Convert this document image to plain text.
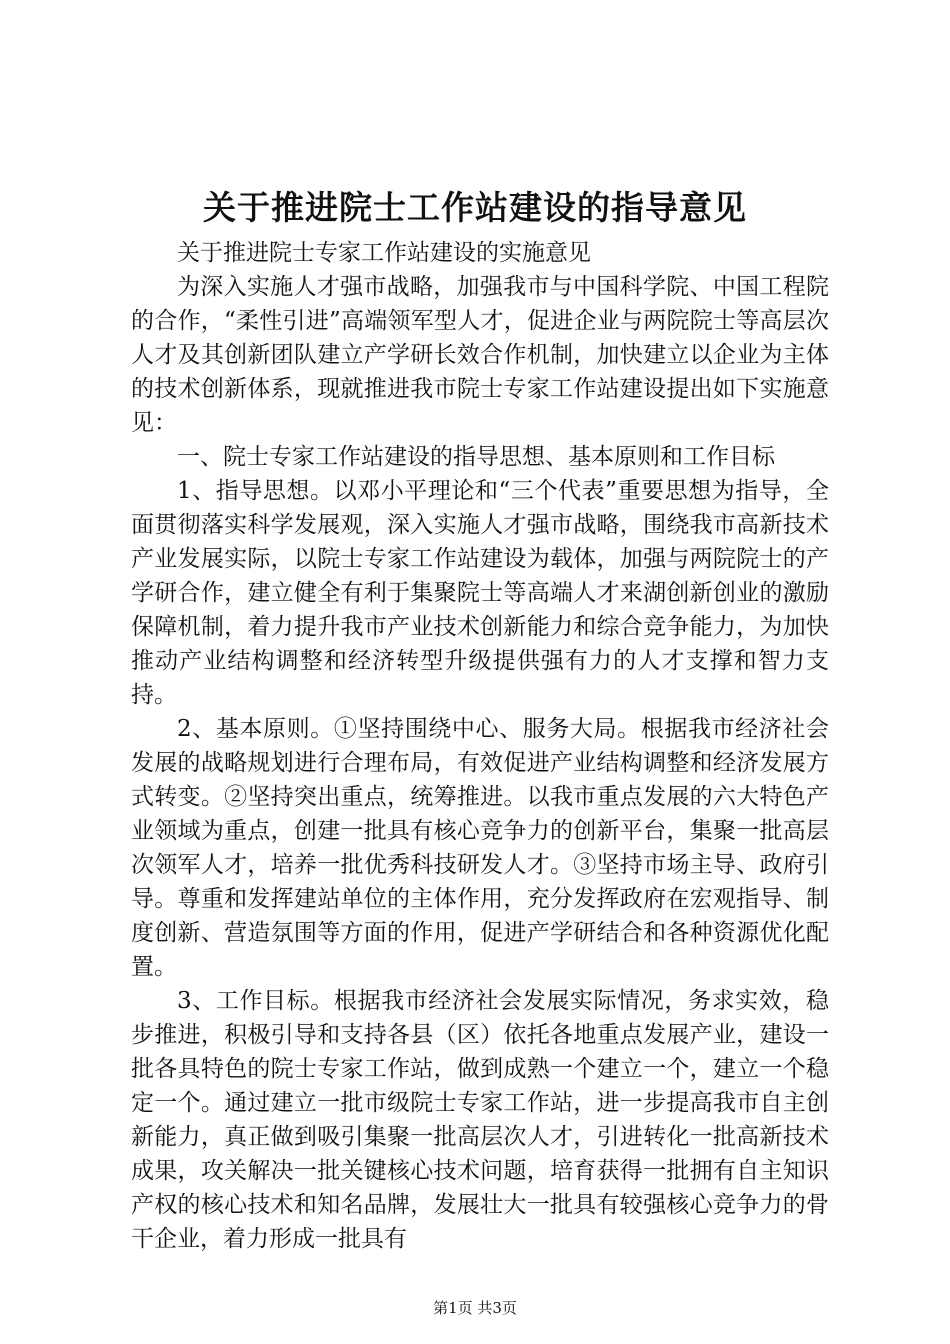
关于推进院士工作站建设的指导意见

关于推进院士专家工作站建设的实施意见

为深入实施人才强市战略，加强我市与中国科学院、中国工程院的合作，“柔性引进”高端领军型人才，促进企业与两院院士等高层次人才及其创新团队建立产学研长效合作机制，加快建立以企业为主体的技术创新体系，现就推进我市院士专家工作站建设提出如下实施意见：

一、院士专家工作站建设的指导思想、基本原则和工作目标

1、指导思想。以邓小平理论和“三个代表”重要思想为指导，全面贯彻落实科学发展观，深入实施人才强市战略，围绕我市高新技术产业发展实际，以院士专家工作站建设为载体，加强与两院院士的产学研合作，建立健全有利于集聚院士等高端人才来湖创新创业的激励保障机制，着力提升我市产业技术创新能力和综合竞争能力，为加快推动产业结构调整和经济转型升级提供强有力的人才支撑和智力支持。

2、基本原则。①坚持围绕中心、服务大局。根据我市经济社会发展的战略规划进行合理布局，有效促进产业结构调整和经济发展方式转变。②坚持突出重点，统筹推进。以我市重点发展的六大特色产业领域为重点，创建一批具有核心竞争力的创新平台，集聚一批高层次领军人才，培养一批优秀科技研发人才。③坚持市场主导、政府引导。尊重和发挥建站单位的主体作用，充分发挥政府在宏观指导、制度创新、营造氛围等方面的作用，促进产学研结合和各种资源优化配置。

3、工作目标。根据我市经济社会发展实际情况，务求实效，稳步推进，积极引导和支持各县（区）依托各地重点发展产业，建设一批各具特色的院士专家工作站，做到成熟一个建立一个，建立一个稳定一个。通过建立一批市级院士专家工作站，进一步提高我市自主创新能力，真正做到吸引集聚一批高层次人才，引进转化一批高新技术成果，攻关解决一批关键核心技术问题，培育获得一批拥有自主知识产权的核心技术和知名品牌，发展壮大一批具有较强核心竞争力的骨干企业，着力形成一批具有

第1页 共3页
